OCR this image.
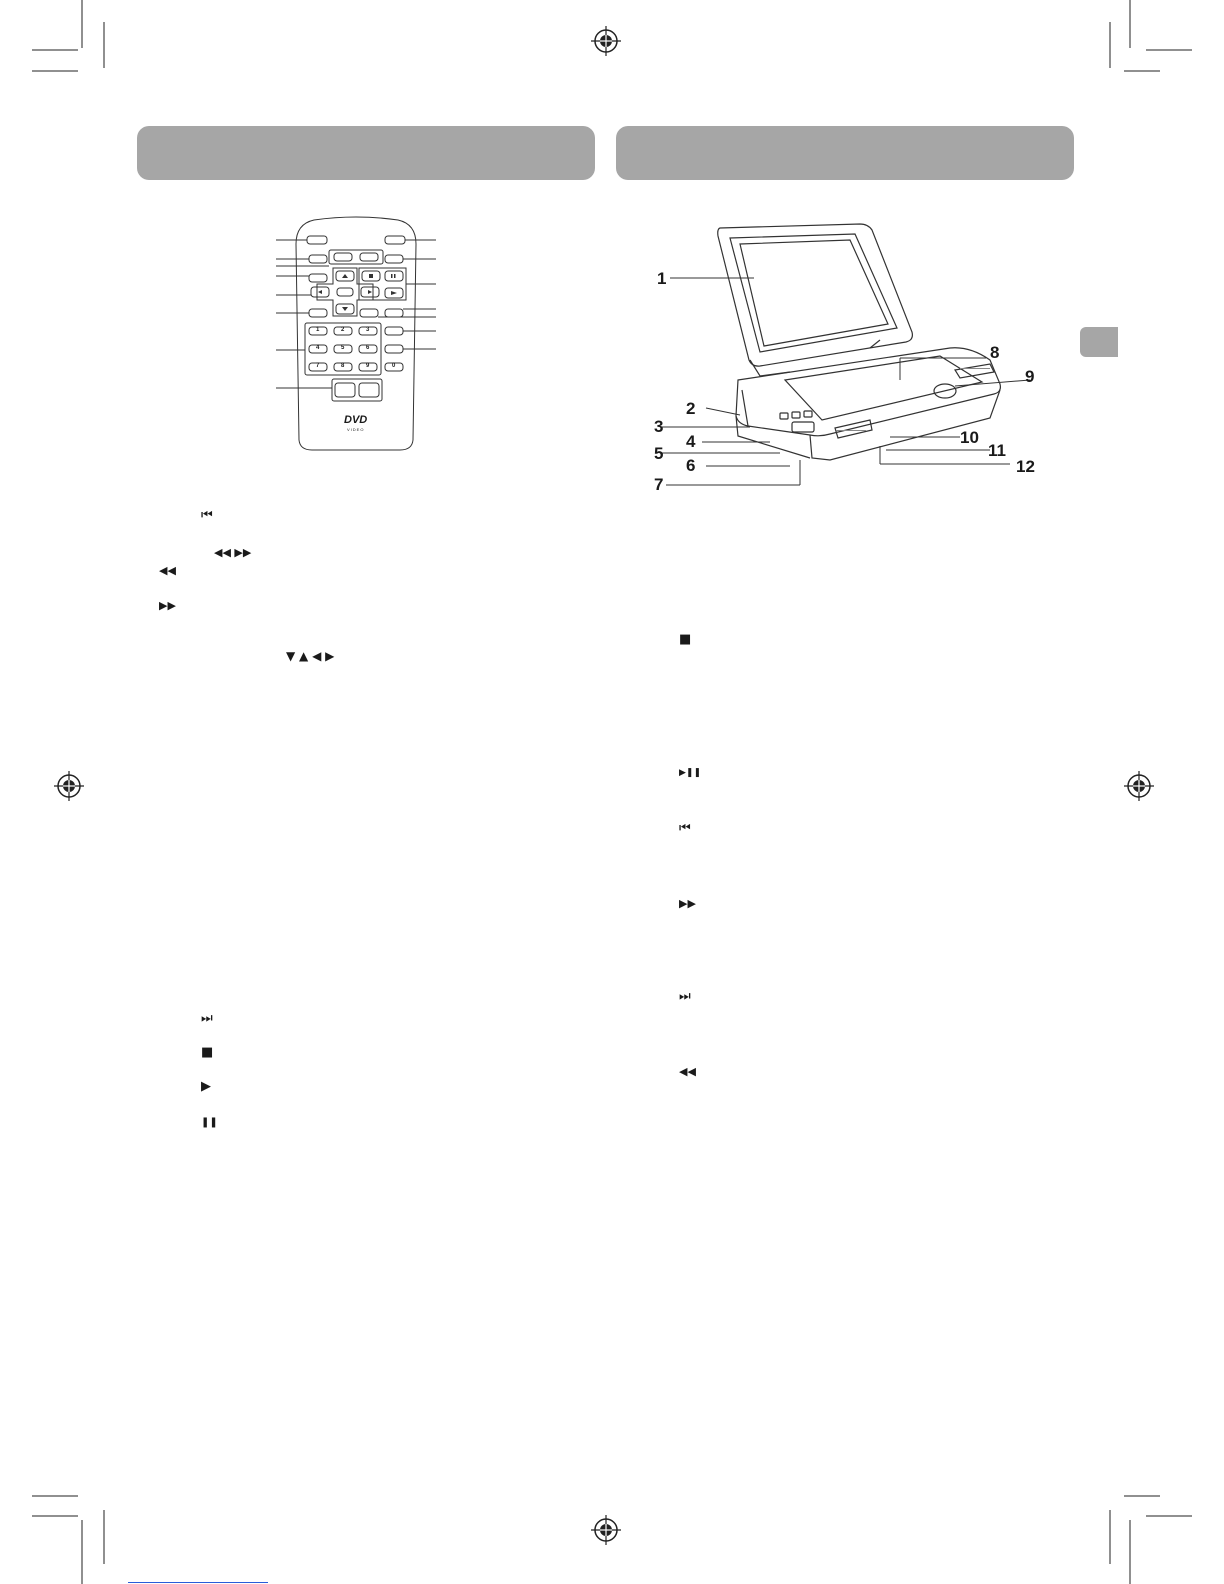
1	2	3
4	5	6
7	8	9	0
DVD
VIDEO
1
2
3
4
5
6
7
8
9
10
11
12
⏮
◀◀ ▶▶
◀◀
▶▶
▼ ▲ ◀ ▶
⏭
■
▶
❚❚
■
▶❚❚
⏮
▶▶
⏭
◀◀
